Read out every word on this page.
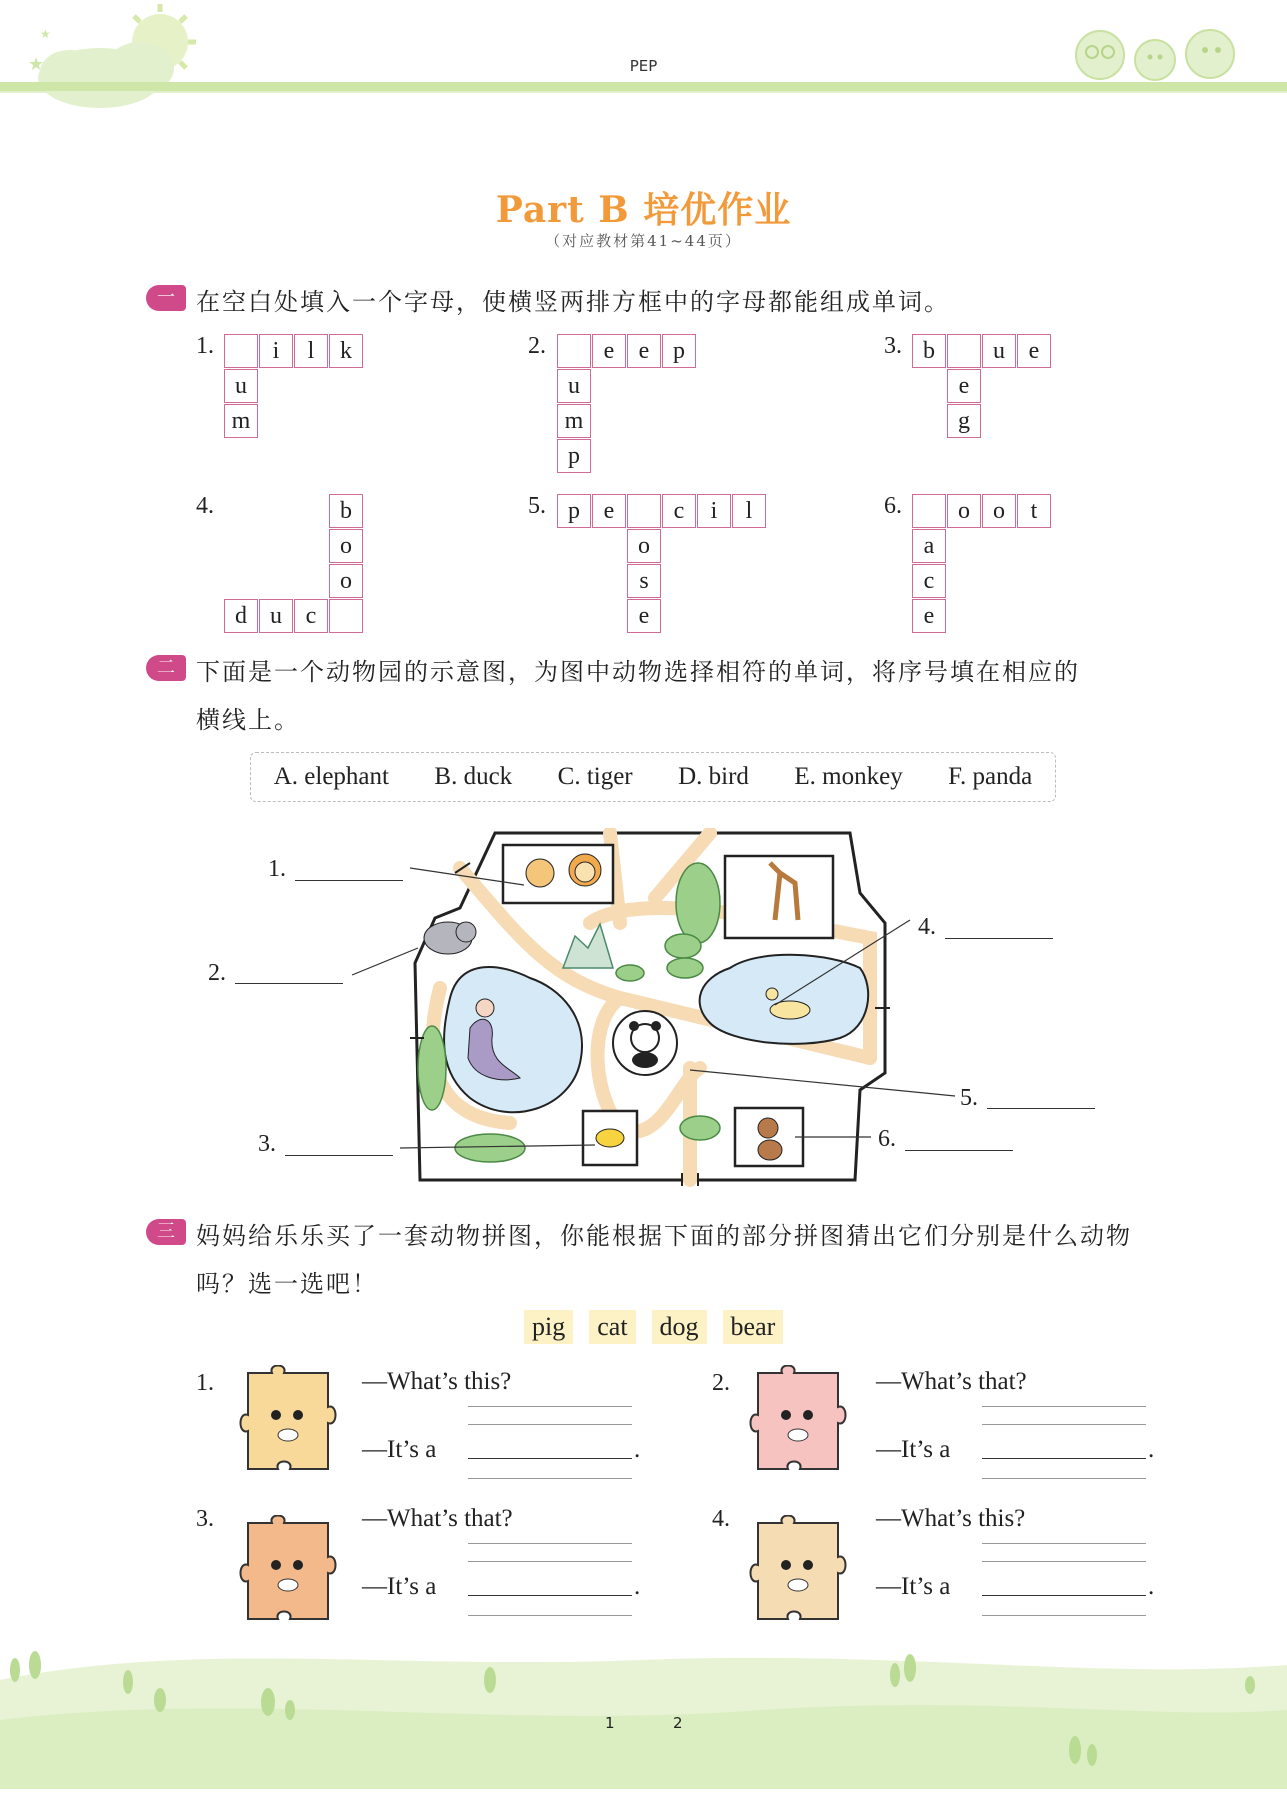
★
★
PEP
Part B 培优作业
（对应教材第41~44页）
一 在空白处填入一个字母，使横竖两排方框中的字母都能组成单词。
1.	i	l	k
u
m
2.	e	e p
u
m
p
3. b	u e
e
g
4.
d u c
b
o
o
5. p e	c	i	l
o
s
e
6.	o o	t
a
c
e
二 下面是一个动物园的示意图，为图中动物选择相符的单词，将序号填在相应的
横线上。
A. elephant B. duck C. tiger D. bird E. monkey F. panda
1.
2.
3.
4.
5.
6.
三 妈妈给乐乐买了一套动物拼图，你能根据下面的部分拼图猜出它们分别是什么动物
吗？选一选吧！
pig cat dog bear
1.	—What’s this?
—It’s a	.
2.	—What’s that?
—It’s a	.
3.	—What’s that?
—It’s a	.
4.	—What’s this?
—It’s a	.
1	2
